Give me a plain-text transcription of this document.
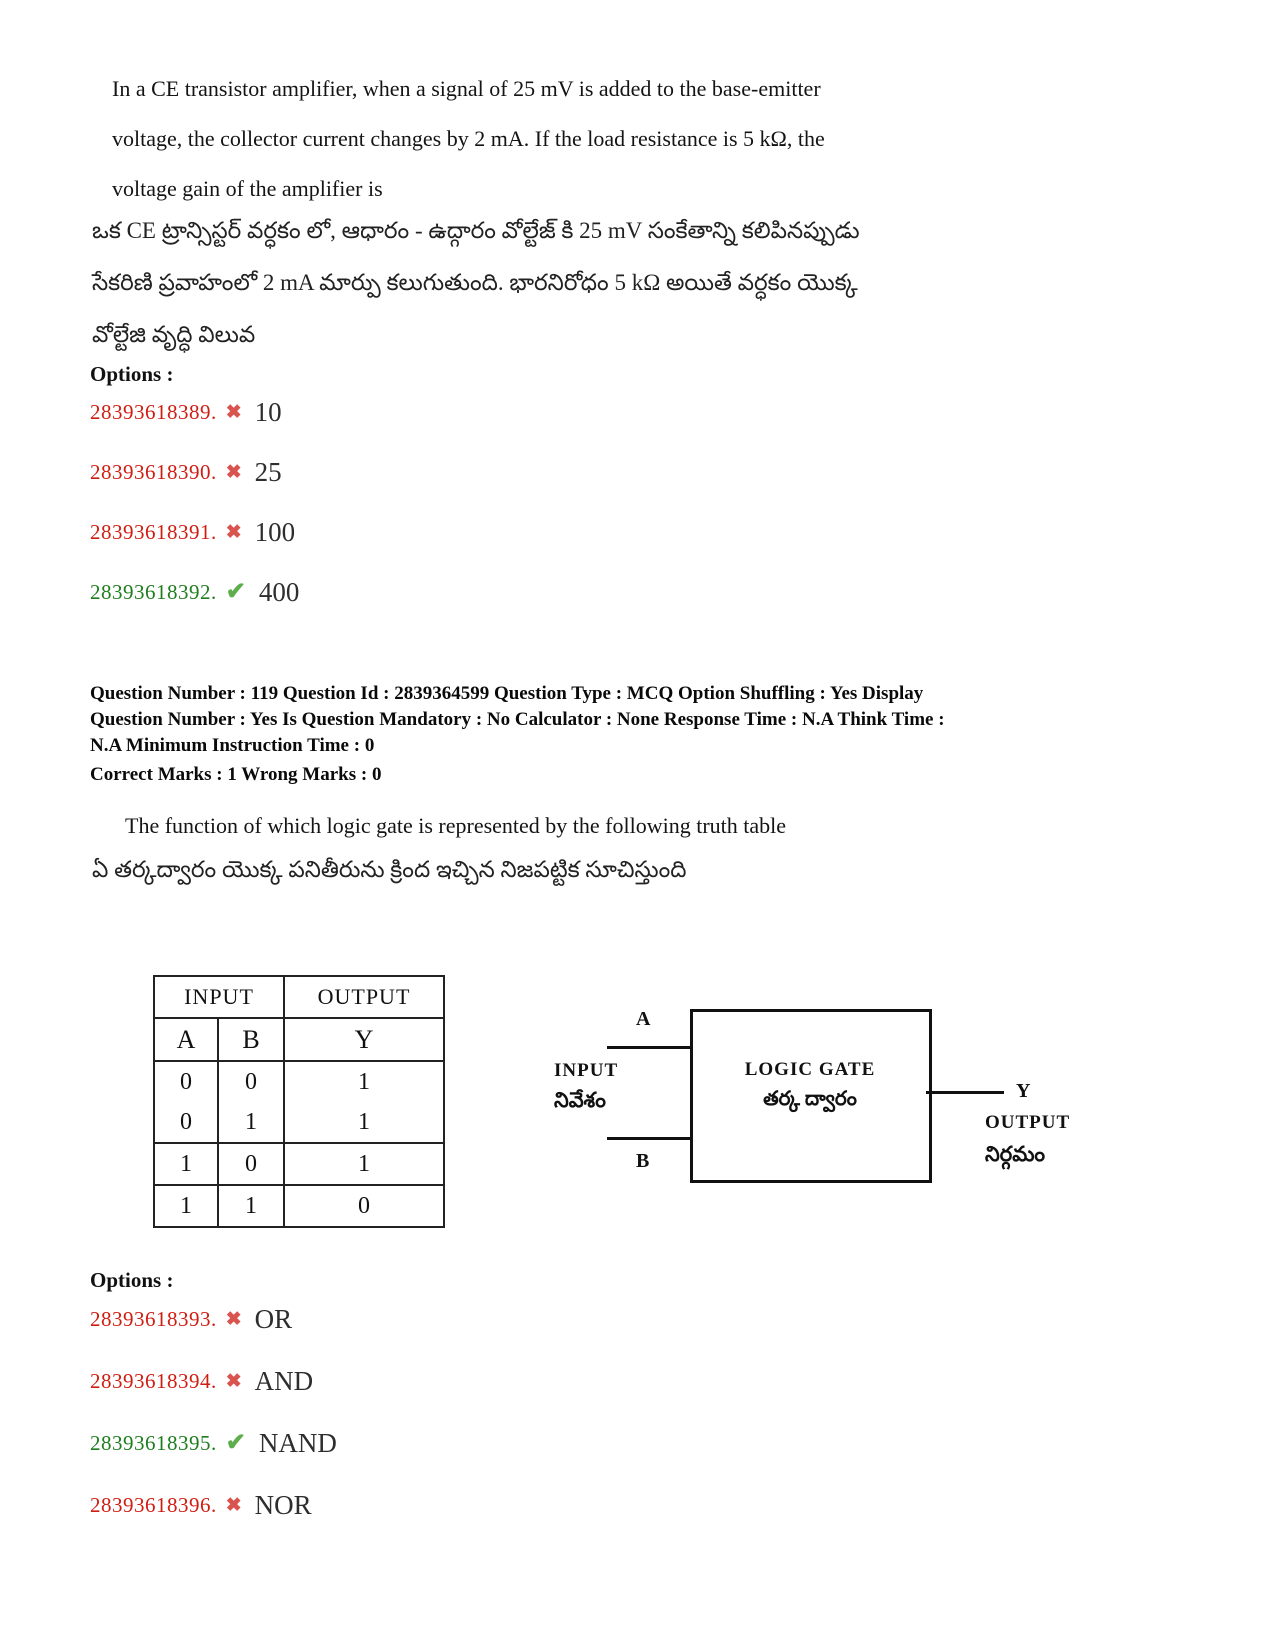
In a CE transistor amplifier, when a signal of 25 mV is added to the base-emitter
voltage, the collector current changes by 2 mA. If the load resistance is 5 kΩ, the
voltage gain of the amplifier is
ఒక CE ట్రాన్సిస్టర్ వర్ధకం లో, ఆధారం - ఉద్గారం వోల్టేజ్ కి 25 mV సంకేతాన్ని కలిపినప్పుడు
సేకరిణి ప్రవాహంలో 2 mA మార్పు కలుగుతుంది. భారనిరోధం 5 kΩ అయితే వర్ధకం యొక్క
వోల్టేజి వృద్ధి విలువ
Options :
28393618389. ✖ 10
28393618390. ✖ 25
28393618391. ✖ 100
28393618392. ✔ 400
Question Number : 119 Question Id : 2839364599 Question Type : MCQ Option Shuffling : Yes Display
Question Number : Yes Is Question Mandatory : No Calculator : None Response Time : N.A Think Time :
N.A Minimum Instruction Time : 0
Correct Marks : 1 Wrong Marks : 0
The function of which logic gate is represented by the following truth table
ఏ తర్కద్వారం యొక్క పనితీరును క్రింద ఇచ్చిన నిజపట్టిక సూచిస్తుంది
INPUT		OUTPUT
A	B	Y
0	0	1
0	1	1
1	0	1
1	1	0
LOGIC GATE
తర్క ద్వారం
A
B
INPUT
నివేశం	Y
OUTPUT
నిర్గమం
Options :
28393618393. ✖ OR
28393618394. ✖ AND
28393618395. ✔ NAND
28393618396. ✖ NOR
